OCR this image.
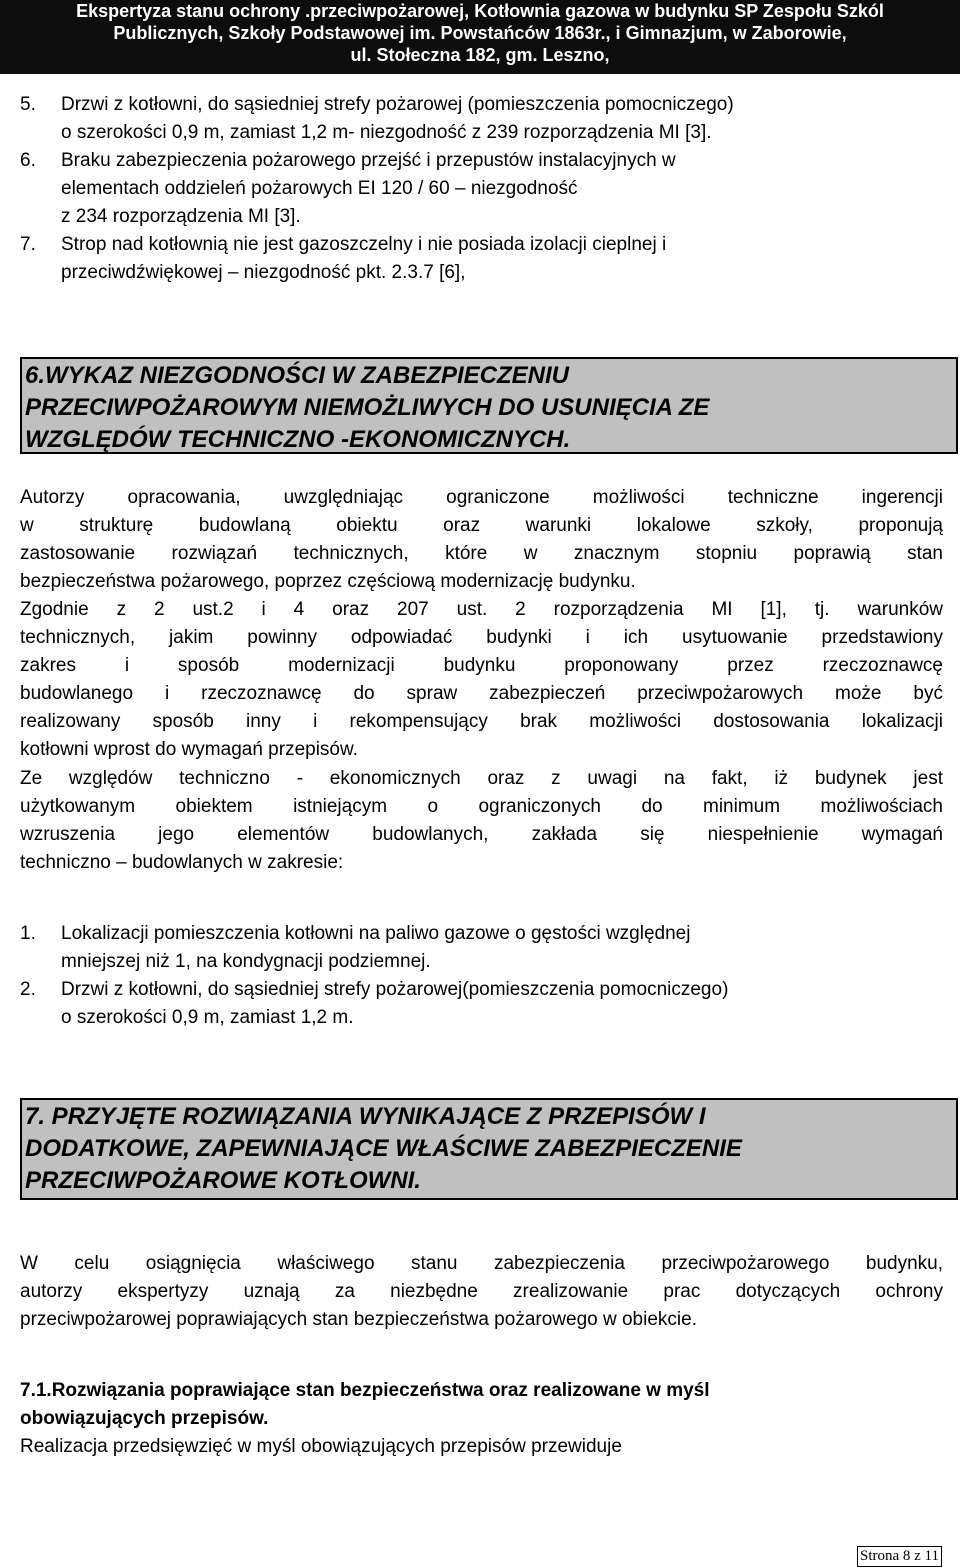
Ekspertyza stanu ochrony .przeciwpożarowej, Kotłownia gazowa w budynku SP Zespołu Szkól
Publicznych, Szkoły Podstawowej im. Powstańców 1863r., i Gimnazjum, w Zaborowie,
ul. Stołeczna 182, gm. Leszno,
5. Drzwi z kotłowni, do sąsiedniej strefy pożarowej (pomieszczenia pomocniczego)
o szerokości 0,9 m, zamiast 1,2 m- niezgodność z 239 rozporządzenia MI [3].
6. Braku zabezpieczenia pożarowego przejść i przepustów instalacyjnych w
elementach oddzieleń pożarowych EI 120 / 60 – niezgodność
z 234 rozporządzenia MI [3].
7. Strop nad kotłownią nie jest gazoszczelny i nie posiada izolacji cieplnej i
przeciwdźwiękowej – niezgodność pkt. 2.3.7 [6],
6.WYKAZ NIEZGODNOŚCI W ZABEZPIECZENIU
PRZECIWPOŻAROWYM NIEMOŻLIWYCH DO USUNIĘCIA ZE
WZGLĘDÓW TECHNICZNO -EKONOMICZNYCH.
Autorzy opracowania, uwzględniając ograniczone możliwości techniczne ingerencji
w strukturę budowlaną obiektu oraz warunki lokalowe szkoły, proponują
zastosowanie rozwiązań technicznych, które w znacznym stopniu poprawią stan
bezpieczeństwa pożarowego, poprzez częściową modernizację budynku.
Zgodnie z 2 ust.2 i 4 oraz 207 ust. 2 rozporządzenia MI [1], tj. warunków
technicznych, jakim powinny odpowiadać budynki i ich usytuowanie przedstawiony
zakres i sposób modernizacji budynku proponowany przez rzeczoznawcę
budowlanego i rzeczoznawcę do spraw zabezpieczeń przeciwpożarowych może być
realizowany sposób inny i rekompensujący brak możliwości dostosowania lokalizacji
kotłowni wprost do wymagań przepisów.
Ze względów techniczno - ekonomicznych oraz z uwagi na fakt, iż budynek jest
użytkowanym obiektem istniejącym o ograniczonych do minimum możliwościach
wzruszenia jego elementów budowlanych, zakłada się niespełnienie wymagań
techniczno – budowlanych w zakresie:
1. Lokalizacji pomieszczenia kotłowni na paliwo gazowe o gęstości względnej
mniejszej niż 1, na kondygnacji podziemnej.
2. Drzwi z kotłowni, do sąsiedniej strefy pożarowej(pomieszczenia pomocniczego)
o szerokości 0,9 m, zamiast 1,2 m.
7. PRZYJĘTE ROZWIĄZANIA WYNIKAJĄCE Z PRZEPISÓW I
DODATKOWE, ZAPEWNIAJĄCE WŁAŚCIWE ZABEZPIECZENIE
PRZECIWPOŻAROWE KOTŁOWNI.
W celu osiągnięcia właściwego stanu zabezpieczenia przeciwpożarowego budynku,
autorzy ekspertyzy uznają za niezbędne zrealizowanie prac dotyczących ochrony
przeciwpożarowej poprawiających stan bezpieczeństwa pożarowego w obiekcie.
7.1.Rozwiązania poprawiające stan bezpieczeństwa oraz realizowane w myśl
obowiązujących przepisów.
Realizacja przedsięwzięć w myśl obowiązujących przepisów przewiduje
Strona 8 z 11
